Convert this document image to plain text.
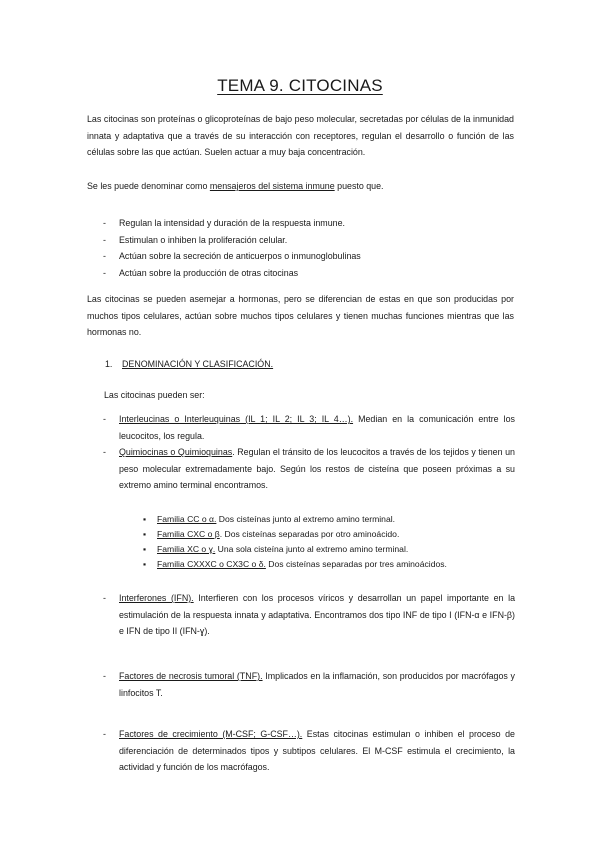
TEMA 9. CITOCINAS

Las citocinas son proteínas o glicoproteínas de bajo peso molecular, secretadas por células de la inmunidad innata y adaptativa que a través de su interacción con receptores, regulan el desarrollo o función de las células sobre las que actúan. Suelen actuar a muy baja concentración.

Se les puede denominar como mensajeros del sistema inmune puesto que.

- Regulan la intensidad y duración de la respuesta inmune.
- Estimulan o inhiben la proliferación celular.
- Actúan sobre la secreción de anticuerpos o inmunoglobulinas
- Actúan sobre la producción de otras citocinas

Las citocinas se pueden asemejar a hormonas, pero se diferencian de estas en que son producidas por muchos tipos celulares, actúan sobre muchos tipos celulares y tienen muchas funciones mientras que las hormonas no.

1. DENOMINACIÓN Y CLASIFICACIÓN.

Las citocinas pueden ser:

- Interleucinas o Interleuquinas (IL 1; IL 2; IL 3; IL 4…). Median en la comunicación entre los leucocitos, los regula.
- Quimiocinas o Quimioquinas. Regulan el tránsito de los leucocitos a través de los tejidos y tienen un peso molecular extremadamente bajo. Según los restos de cisteína que poseen próximas a su extremo amino terminal encontramos.
▪ Familia CC o α. Dos cisteínas junto al extremo amino terminal.
▪ Familia CXC o β. Dos cisteínas separadas por otro aminoácido.
▪ Familia XC o ɣ. Una sola cisteína junto al extremo amino terminal.
▪ Familia CXXXC o CX3C o δ. Dos cisteínas separadas por tres aminoácidos.
- Interferones (IFN). Interfieren con los procesos víricos y desarrollan un papel importante en la estimulación de la respuesta innata y adaptativa. Encontramos dos tipo INF de tipo I (IFN-α e IFN-β) e IFN de tipo II (IFN-ɣ).
- Factores de necrosis tumoral (TNF). Implicados en la inflamación, son producidos por macrófagos y linfocitos T.
- Factores de crecimiento (M-CSF; G-CSF…). Estas citocinas estimulan o inhiben el proceso de diferenciación de determinados tipos y subtipos celulares. El M-CSF estimula el crecimiento, la actividad y función de los macrófagos.
